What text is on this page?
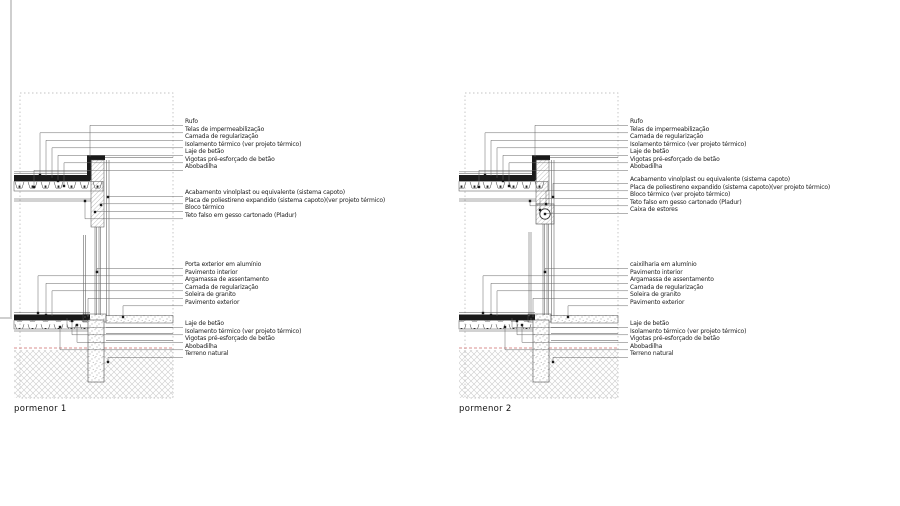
Rufo
Telas de impermeabilização
Camada de regularização
Isolamento térmico (ver projeto térmico)
Laje de betão
Vigotas pré-esforçado de betão
Abobadilha
Acabamento vinolplast ou equivalente (sistema capoto)
Placa de poliestireno expandido (sistema capoto)(ver projeto térmico)
Bloco térmico
Teto falso em gesso cartonado (Pladur)
Porta exterior em alumínio
Pavimento interior
Argamassa de assentamento
Camada de regularização
Soleira de granito
Pavimento exterior
Laje de betão
Isolamento térmico (ver projeto térmico)
Vigotas pré-esforçado de betão
Abobadilha
Terreno natural
Rufo
Telas de impermeabilização
Camada de regularização
Isolamento térmico (ver projeto térmico)
Laje de betão
Vigotas pré-esforçado de betão
Abobadilha
Acabamento vinolplast ou equivalente (sistema capoto)
Placa de poliestireno expandido (sistema capoto)(ver projeto térmico)
Bloco térmico (ver projeto térmico)
Teto falso em gesso cartonado (Pladur)
Caixa de estores
caixilharia em alumínio
Pavimento interior
Argamassa de assentamento
Camada de regularização
Soleira de granito
Pavimento exterior
Laje de betão
Isolamento térmico (ver projeto térmico)
Vigotas pré-esforçado de betão
Abobadilha
Terreno natural
pormenor 1	pormenor 2
